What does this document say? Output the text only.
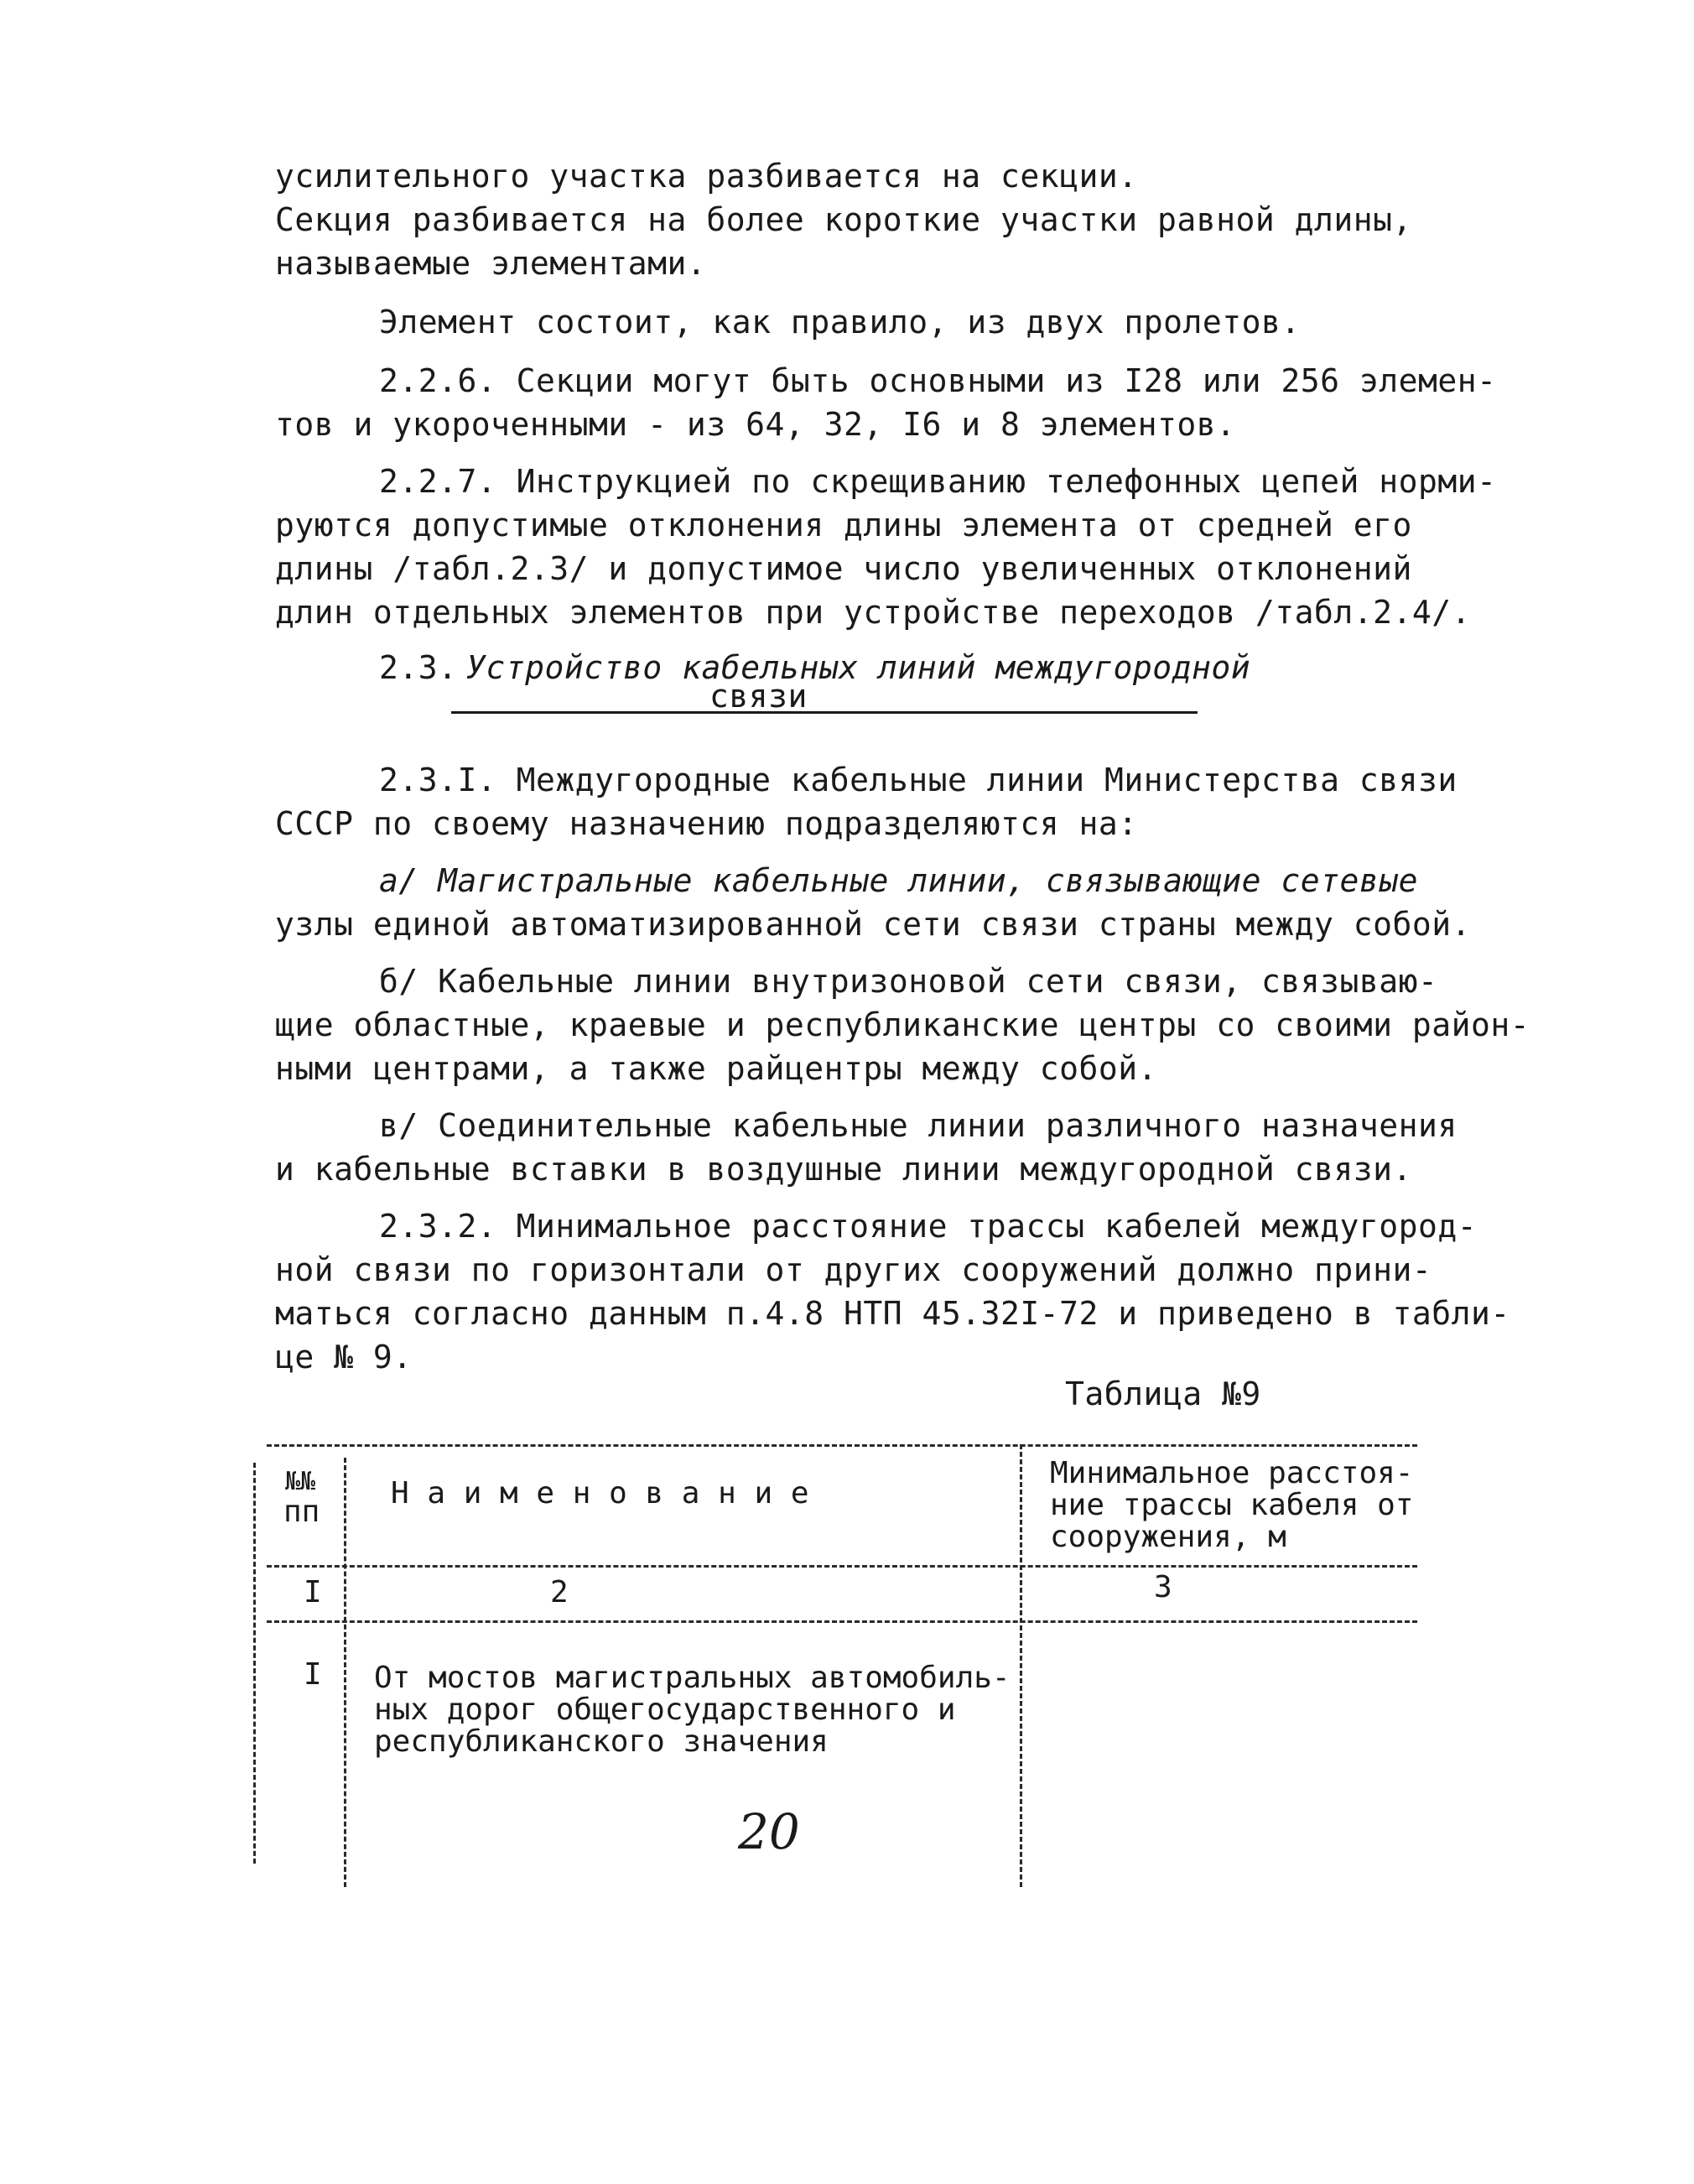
усилительного участка разбивается на секции.
Секция разбивается на более короткие участки равной длины,
называемые элементами.
Элемент состоит, как правило, из двух пролетов.
2.2.6. Секции могут быть основными из I28 или 256 элемен-
тов и укороченными - из 64, 32, I6 и 8 элементов.
2.2.7. Инструкцией по скрещиванию телефонных цепей норми-
руются допустимые отклонения длины элемента от средней его
длины /табл.2.3/ и допустимое число увеличенных отклонений
длин отдельных элементов при устройстве переходов /табл.2.4/.
2.3. Устройство кабельных линий междугородной
связи
2.3.I. Междугородные кабельные линии Министерства связи
СССР по своему назначению подразделяются на:
а/ Магистральные кабельные линии, связывающие сетевые
узлы единой автоматизированной сети связи страны между собой.
б/ Кабельные линии внутризоновой сети связи, связываю-
щие областные, краевые и республиканские центры со своими район-
ными центрами, а также райцентры между собой.
в/ Соединительные кабельные линии различного назначения
и кабельные вставки в воздушные линии междугородной связи.
2.3.2. Минимальное расстояние трассы кабелей междугород-
ной связи по горизонтали от других сооружений должно прини-
маться согласно данным п.4.8 НТП 45.32I-72 и приведено в табли-
це № 9.
Таблица №9
№№
пп
Н а и м е н о в а н и е
Минимальное расстоя-
ние трассы кабеля от
сооружения, м
I	2	3
I От мостов магистральных автомобиль-
ных дорог общегосударственного и
республиканского значения
20
